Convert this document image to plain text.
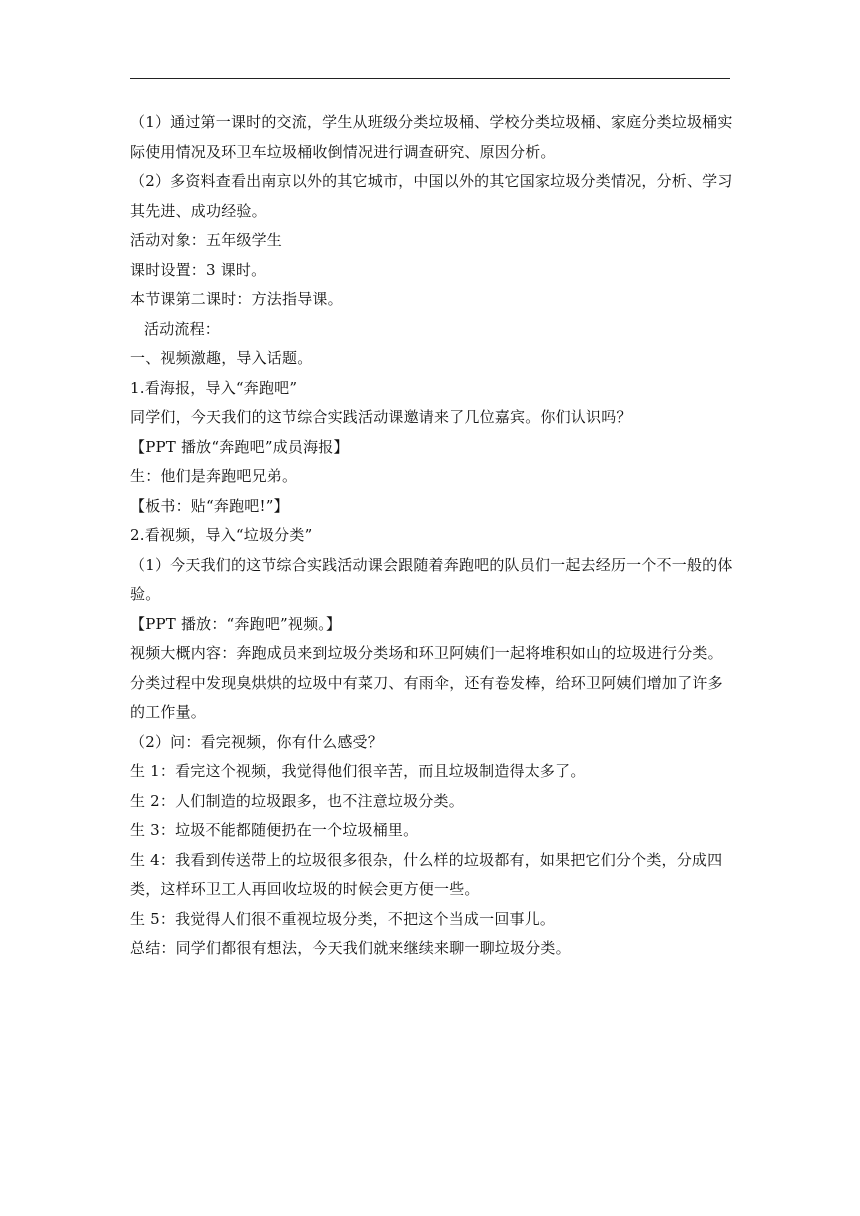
（1）通过第一课时的交流，学生从班级分类垃圾桶、学校分类垃圾桶、家庭分类垃圾桶实际使用情况及环卫车垃圾桶收倒情况进行调查研究、原因分析。

（2）多资料查看出南京以外的其它城市，中国以外的其它国家垃圾分类情况，分析、学习其先进、成功经验。

活动对象：五年级学生

课时设置：3 课时。

本节课第二课时：方法指导课。

活动流程：

一、视频激趣，导入话题。

1.看海报，导入“奔跑吧”

同学们，今天我们的这节综合实践活动课邀请来了几位嘉宾。你们认识吗？

【PPT 播放“奔跑吧”成员海报】

生：他们是奔跑吧兄弟。

【板书：贴“奔跑吧!”】

2.看视频，导入“垃圾分类”

（1）今天我们的这节综合实践活动课会跟随着奔跑吧的队员们一起去经历一个不一般的体验。

【PPT 播放：“奔跑吧”视频。】

视频大概内容：奔跑成员来到垃圾分类场和环卫阿姨们一起将堆积如山的垃圾进行分类。分类过程中发现臭烘烘的垃圾中有菜刀、有雨伞，还有卷发棒，给环卫阿姨们增加了许多的工作量。

（2）问：看完视频，你有什么感受？

生 1：看完这个视频，我觉得他们很辛苦，而且垃圾制造得太多了。

生 2：人们制造的垃圾跟多，也不注意垃圾分类。

生 3：垃圾不能都随便扔在一个垃圾桶里。

生 4：我看到传送带上的垃圾很多很杂，什么样的垃圾都有，如果把它们分个类，分成四类，这样环卫工人再回收垃圾的时候会更方便一些。

生 5：我觉得人们很不重视垃圾分类，不把这个当成一回事儿。

总结：同学们都很有想法，今天我们就来继续来聊一聊垃圾分类。
